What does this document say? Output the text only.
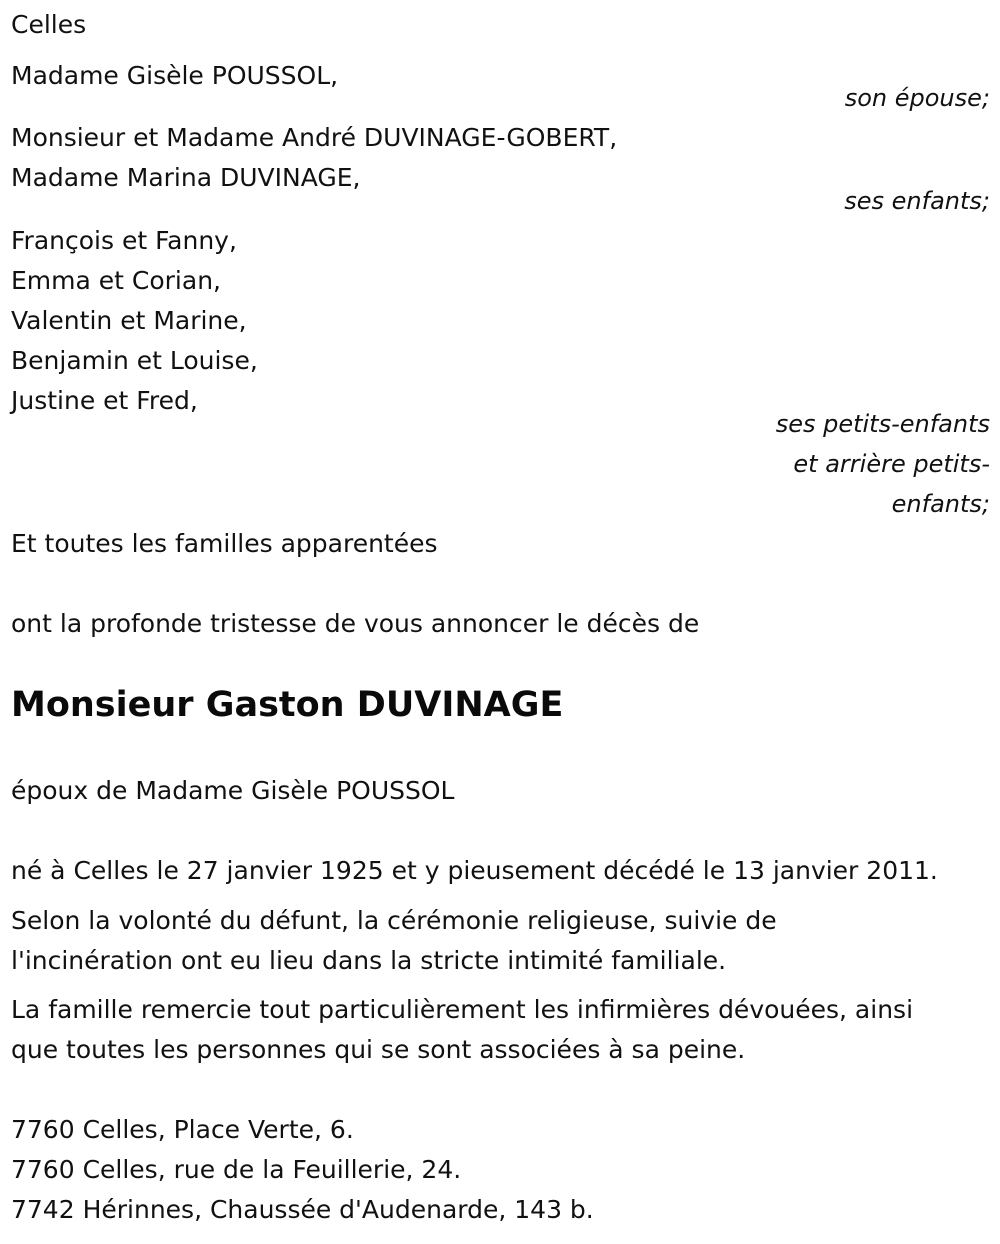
Celles
Madame Gisèle POUSSOL,
son épouse;
Monsieur et Madame André DUVINAGE-GOBERT,
Madame Marina DUVINAGE,
ses enfants;
François et Fanny,
Emma et Corian,
Valentin et Marine,
Benjamin et Louise,
Justine et Fred,
ses petits-enfants
et arrière petits-
enfants;
Et toutes les familles apparentées
ont la profonde tristesse de vous annoncer le décès de
Monsieur Gaston DUVINAGE
époux de Madame Gisèle POUSSOL
né à Celles le 27 janvier 1925 et y pieusement décédé le 13 janvier 2011.
Selon la volonté du défunt, la cérémonie religieuse, suivie de
l'incinération ont eu lieu dans la stricte intimité familiale.
La famille remercie tout particulièrement les infirmières dévouées, ainsi
que toutes les personnes qui se sont associées à sa peine.
7760 Celles, Place Verte, 6.
7760 Celles, rue de la Feuillerie, 24.
7742 Hérinnes, Chaussée d'Audenarde, 143 b.
